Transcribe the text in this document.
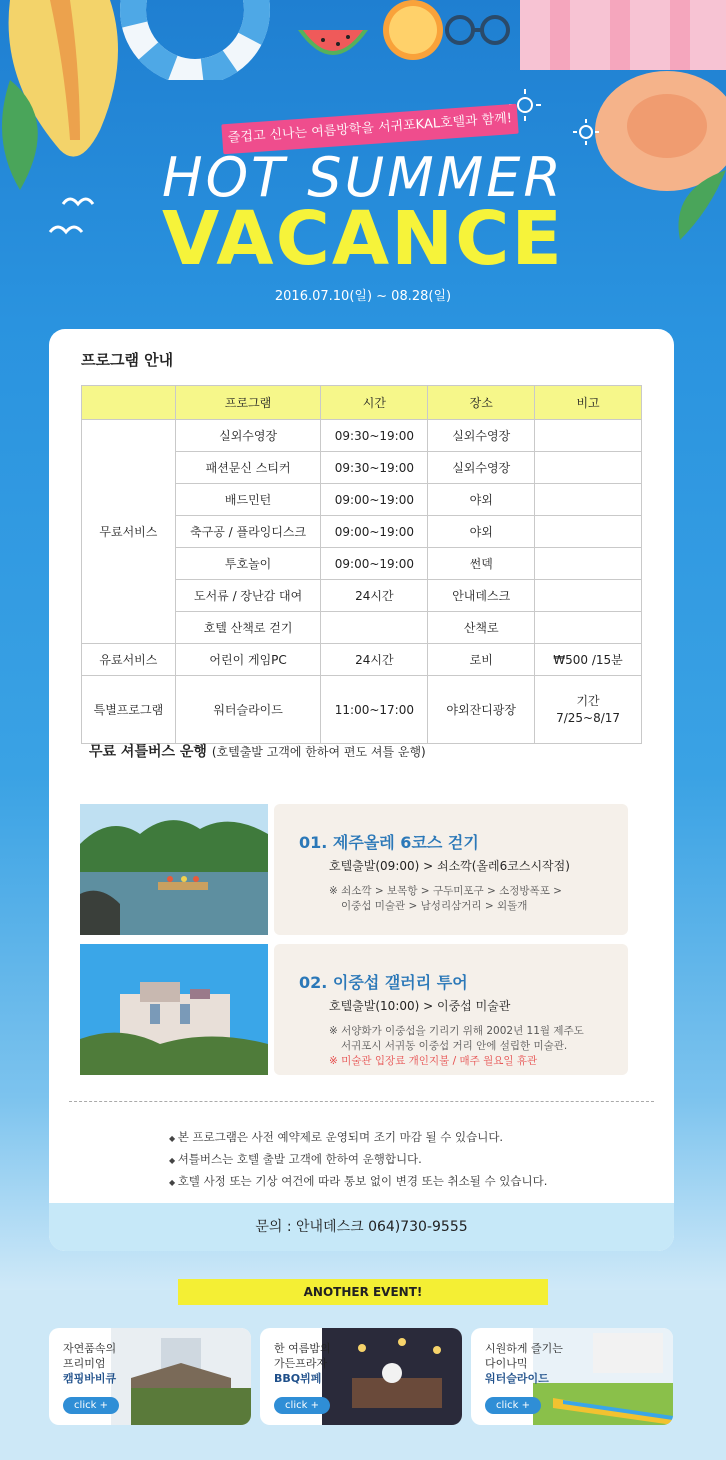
즐겁고 신나는 여름방학을 서귀포KAL호텔과 함께!
HOT SUMMER
VACANCE
2016.07.10(일) ~ 08.28(일)
프로그램 안내
	프로그램	시간	장소	비고
무료서비스	실외수영장	09:30~19:00	실외수영장	
	패션문신 스티커	09:30~19:00	실외수영장	
	배드민턴	09:00~19:00	야외	
	축구공 / 플라잉디스크	09:00~19:00	야외	
	투호놀이	09:00~19:00	썬덱	
	도서류 / 장난감 대여	24시간	안내데스크	
	호텔 산책로 걷기		산책로	
유료서비스	어린이 게임PC	24시간	로비	₩500 /15분
특별프로그램	워터슬라이드	11:00~17:00	야외잔디광장	기간
7/25~8/17
무료 셔틀버스 운행 (호텔출발 고객에 한하여 편도 셔틀 운행)
01. 제주올레 6코스 걷기
호텔출발(09:00) > 쇠소깍(올레6코스시작점)
※ 쇠소깍 > 보목항 > 구두미포구 > 소정방폭포 >
이중섭 미술관 > 남성리삼거리 > 외돌개
02. 이중섭 갤러리 투어
호텔출발(10:00) > 이중섭 미술관
※ 서양화가 이중섭을 기리기 위해 2002년 11월 제주도
서귀포시 서귀동 이중섭 거리 안에 설립한 미술관.
※ 미술관 입장료 개인지불 / 매주 월요일 휴관
◆ 본 프로그램은 사전 예약제로 운영되며 조기 마감 될 수 있습니다.
◆ 셔틀버스는 호텔 출발 고객에 한하여 운행합니다.
◆ 호텔 사정 또는 기상 여건에 따라 통보 없이 변경 또는 취소될 수 있습니다.
문의 : 안내데스크 064)730-9555
ANOTHER EVENT!
자연품속의
프리미엄
캠핑바비큐
click +
한 여름밤의
가든프라자
BBQ뷔페
click +
시원하게 즐기는
다이나믹
워터슬라이드
click +
